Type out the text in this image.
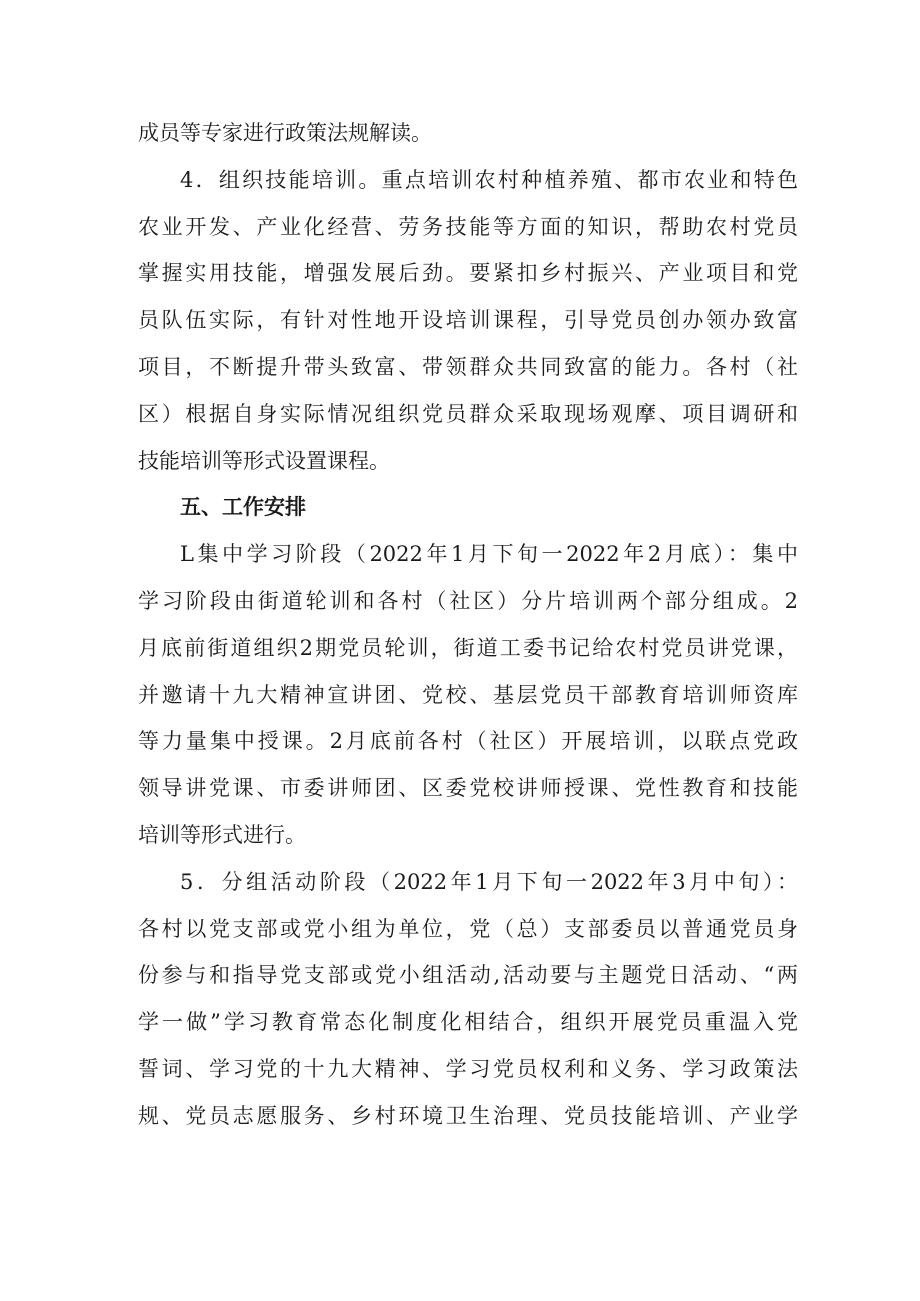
成员等专家进行政策法规解读。
4．组织技能培训。重点培训农村种植养殖、都市农业和特色
农业开发、产业化经营、劳务技能等方面的知识，帮助农村党员
掌握实用技能，增强发展后劲。要紧扣乡村振兴、产业项目和党
员队伍实际，有针对性地开设培训课程，引导党员创办领办致富
项目，不断提升带头致富、带领群众共同致富的能力。各村（社
区）根据自身实际情况组织党员群众采取现场观摩、项目调研和
技能培训等形式设置课程。
五、工作安排
L集中学习阶段（2022年1月下旬一2022年2月底）：集中
学习阶段由街道轮训和各村（社区）分片培训两个部分组成。2
月底前街道组织2期党员轮训，街道工委书记给农村党员讲党课，
并邀请十九大精神宣讲团、党校、基层党员干部教育培训师资库
等力量集中授课。2月底前各村（社区）开展培训，以联点党政
领导讲党课、市委讲师团、区委党校讲师授课、党性教育和技能
培训等形式进行。
5．分组活动阶段（2022年1月下旬一2022年3月中旬）：
各村以党支部或党小组为单位，党（总）支部委员以普通党员身
份参与和指导党支部或党小组活动,活动要与主题党日活动、“两
学一做”学习教育常态化制度化相结合，组织开展党员重温入党
誓词、学习党的十九大精神、学习党员权利和义务、学习政策法
规、党员志愿服务、乡村环境卫生治理、党员技能培训、产业学
